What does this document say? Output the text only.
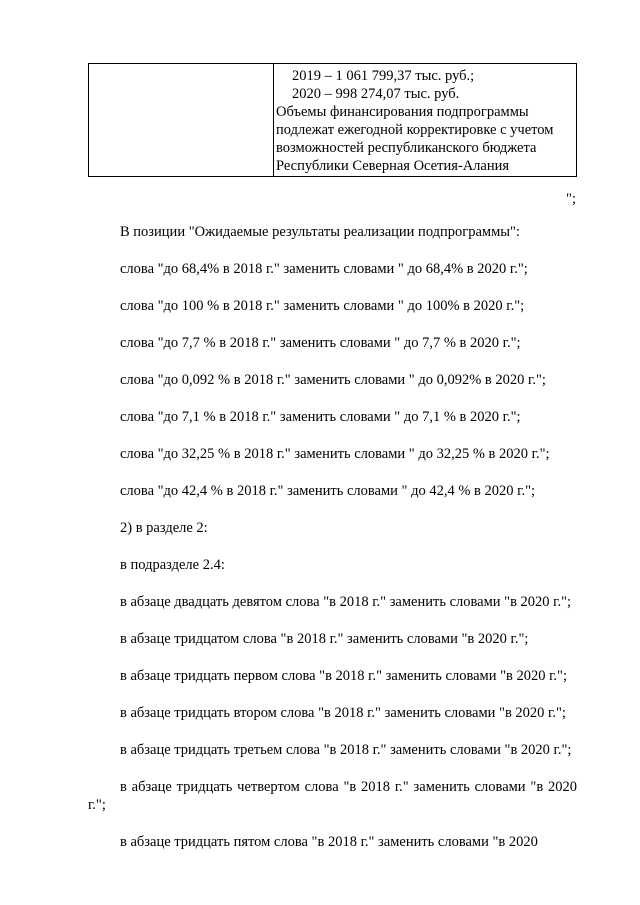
2019 – 1 061 799,37 тыс. руб.;
2020 – 998 274,07 тыс. руб.
Объемы финансирования подпрограммы подлежат ежегодной корректировке с учетом возможностей республиканского бюджета Республики Северная Осетия-Алания
";

В позиции "Ожидаемые результаты реализации подпрограммы":

слова "до 68,4% в 2018 г." заменить словами " до 68,4% в 2020 г.";

слова "до 100 % в 2018 г." заменить словами " до 100% в 2020 г.";

слова "до 7,7 % в 2018 г." заменить словами " до 7,7 % в 2020 г.";

слова "до 0,092 % в 2018 г." заменить словами " до 0,092% в 2020 г.";

слова "до 7,1 % в 2018 г." заменить словами " до 7,1 % в 2020 г.";

слова "до 32,25 % в 2018 г." заменить словами " до 32,25 % в 2020 г.";

слова "до 42,4 % в 2018 г." заменить словами " до 42,4 % в 2020 г.";

2) в разделе 2:

в подразделе 2.4:

в абзаце двадцать девятом слова "в 2018 г." заменить словами "в 2020 г.";

в абзаце тридцатом слова "в 2018 г." заменить словами "в 2020 г.";

в абзаце тридцать первом слова "в 2018 г." заменить словами "в 2020 г.";

в абзаце тридцать втором слова "в 2018 г." заменить словами "в 2020 г.";

в абзаце тридцать третьем слова "в 2018 г." заменить словами "в 2020 г.";

в абзаце тридцать четвертом слова "в 2018 г." заменить словами "в 2020 г.";

в абзаце тридцать пятом слова "в 2018 г." заменить словами "в 2020
